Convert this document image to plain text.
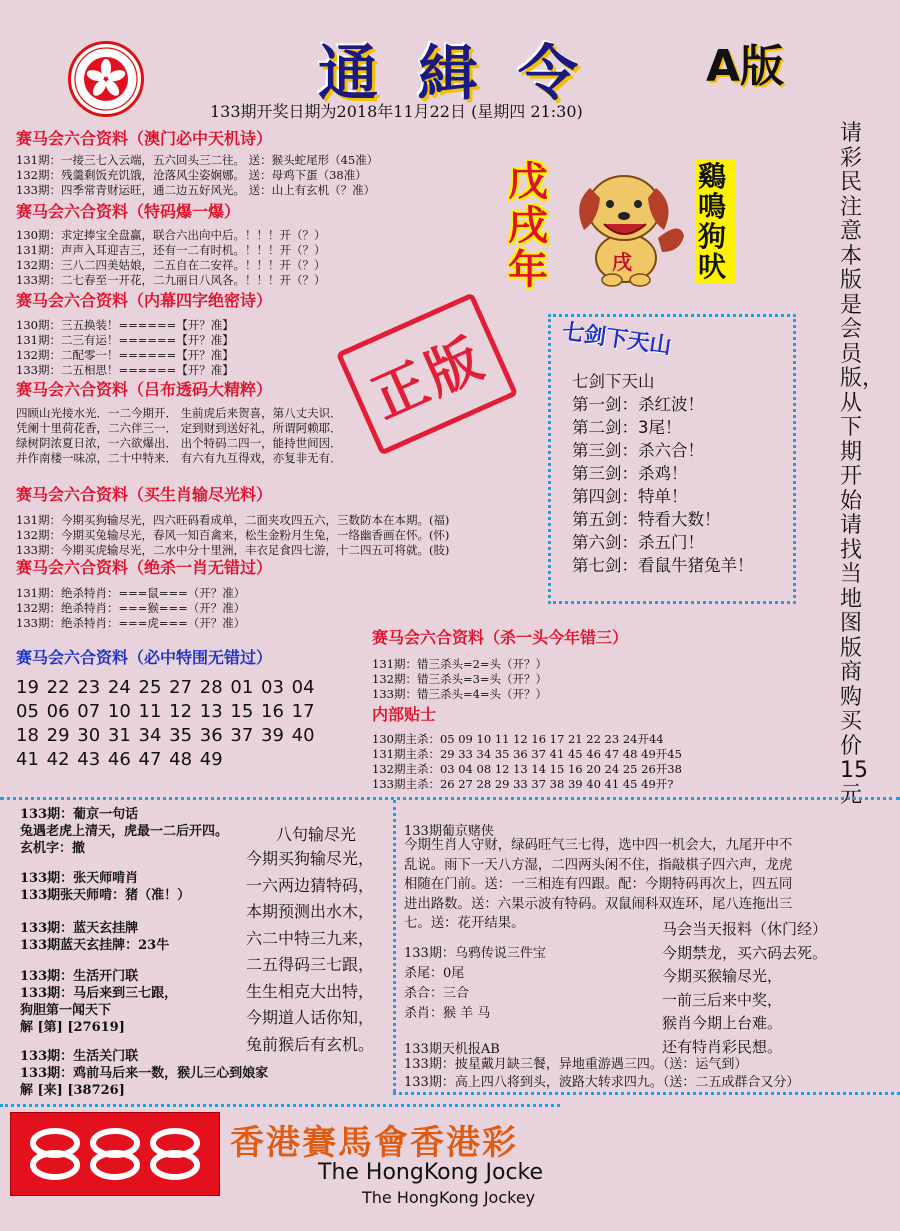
通緝令 A版
133期开奖日期为2018年11月22日 (星期四 21:30)
赛马会六合资料（澳门必中天机诗）
131期：一接三七入云端，五六回头三二往。 送：猴头蛇尾形（45准）
132期：残羹剩饭充饥饿，沧落风尘姿娴娜。 送：母鸡下蛋（38准）
133期：四季常青财运旺，通二边五好风光。 送：山上有玄机（？准）
赛马会六合资料（特码爆一爆）
130期：求定捧宝全盘赢，联合六出向中后。！！！开（？）
131期：声声入耳迎吉三，还有一二有时机。！！！开（？）
132期：三八二四美姑娘，二五自在二安祥。！！！开（？）
133期：二七春至一开花，二九丽日八风各。！！！开（？）
赛马会六合资料（内幕四字绝密诗）
130期：三五换装！======【开？准】
131期：二三有运！======【开？准】
132期：二配零一！======【开？准】
133期：二五相思！======【开？准】
赛马会六合资料（吕布透码大精粹）
四顾山光接水光．一二今期开． 生前虎后来贺喜，第八丈夫识．
凭阑十里荷花香，二六伴三一． 定到财到送好礼，所谓阿赖耶．
绿树阴浓夏日浓，一六欲爆出． 出个特码二四一，能持世间因．
并作南楼一味凉，二十中特来． 有六有九互得戏，亦复非无有．
赛马会六合资料（买生肖输尽光料）
131期：今期买狗输尽光，四六旺码看成单，二面夹攻四五六，三数防本在本期。(福)
132期：今期买兔输尽光，春风一知百禽来，松生金粉月生兔，一络幽香画在怀。(怀)
133期：今期买虎输尽光，二水中分十里洲，丰衣足食四七游，十二四五可将就。(肢)
赛马会六合资料（绝杀一肖无错过）
131期：绝杀特肖：===鼠===（开？准）
132期：绝杀特肖：===猴===（开？准）
133期：绝杀特肖：===虎===（开？准）
赛马会六合资料（必中特围无错过）
19 22 23 24 25 27 28 01 03 04
05 06 07 10 11 12 13 15 16 17
18 29 30 31 34 35 36 37 39 40
41 42 43 46 47 48 49
正版
戊戌年	戌
鷄鳴狗吠
请彩民注意本版是会员版，从下期开始请找当地图版商购买价15元
七剑下天山
七剑下天山
第一剑：杀红波！
第二剑：3尾！
第三剑：杀六合！
第三剑：杀鸡！
第四剑：特单！
第五剑：特看大数！
第六剑：杀五门！
第七剑：看鼠牛猪兔羊！
赛马会六合资料（杀一头今年错三）
131期：错三杀头=2=头（开？）
132期：错三杀头=3=头（开？）
133期：错三杀头=4=头（开？）
内部贴士
130期主杀：05 09 10 11 12 16 17 21 22 23 24开44
131期主杀：29 33 34 35 36 37 41 45 46 47 48 49开45
132期主杀：03 04 08 12 13 14 15 16 20 24 25 26开38
133期主杀：26 27 28 29 33 37 38 39 40 41 45 49开?
133期：葡京一句话
兔遇老虎上清天，虎最一二后开四。
玄机字：撤
八句输尽光
133期：张天师啃肖
133期张天师啃：猪（准！）
133期：蓝天玄挂牌
133期蓝天玄挂牌：23牛
133期：生活开门联
133期：马后来到三七跟，
狗胆第一闻天下
解 [第] [27619]
133期：生活关门联
133期：鸡前马后来一数，猴儿三心到娘家
解 [来] [38726]
今期买狗输尽光，
一六两边猜特码，
本期预测出水木，
六二中特三九来，
二五得码三七跟，
生生相克大出特，
今期道人话你知，
兔前猴后有玄机。
133期葡京赌侠
今期生肖人守财，绿码旺气三七得，选中四一机会大，九尾开中不
乱说。雨下一天八方湿，二四两头闲不住，指敲棋子四六声，龙虎
相随在门前。送：一三相连有四跟。配：今期特码再次上，四五同
进出路数。送：六果示波有特码。双鼠闹科双连环，尾八连拖出三
七。送：花开结果。
133期：乌鸦传说三件宝
杀尾：0尾
杀合：三合
杀肖：猴 羊 马
马会当天报料（休门经）
今期禁龙，买六码去死。
今期买猴输尽光，
一前三后来中奖，
猴肖今期上台难。
还有特肖彩民想。
133期天机报AB
133期：披星戴月缺三餐，异地重游遇三四。（送：运气到）
133期：高上四八将到头，波路大转求四九。（送：二五成群合又分）
香港賽馬會香港彩
The HongKong Jocke
The HongKong Jockey
